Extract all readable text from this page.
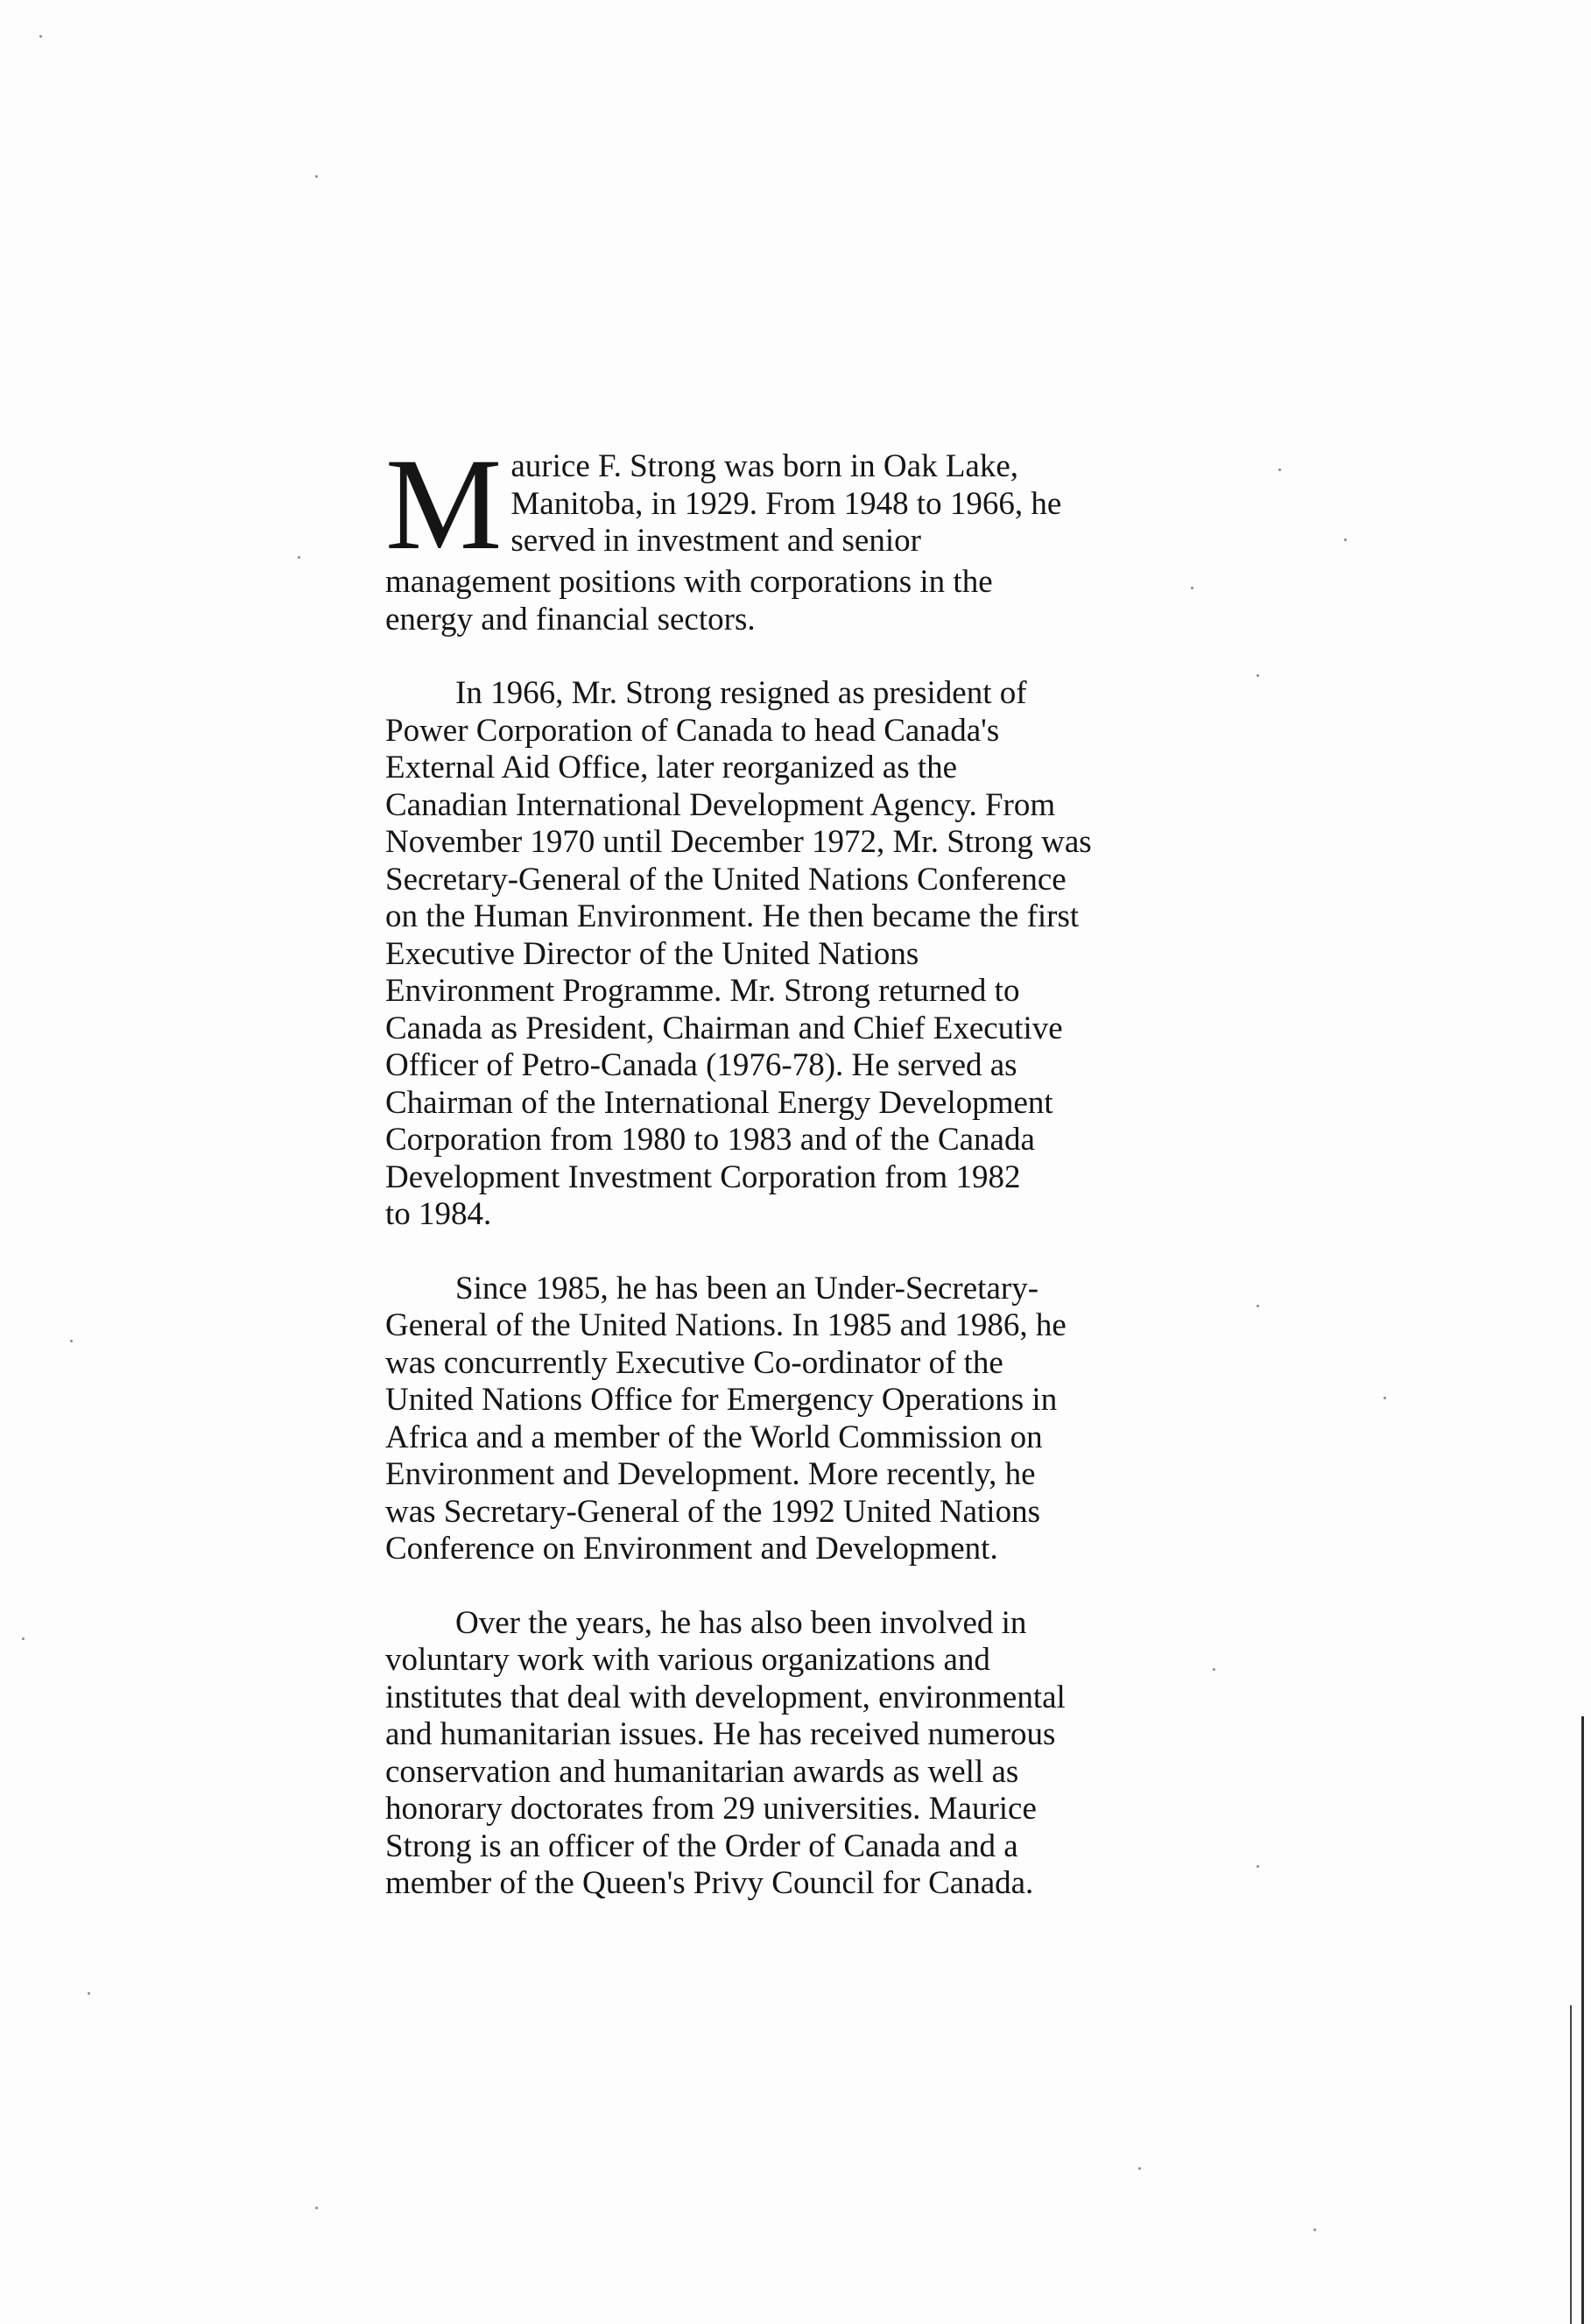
M aurice F. Strong was born in Oak Lake,
Manitoba, in 1929. From 1948 to 1966, he
served in investment and senior
management positions with corporations in the
energy and financial sectors.
In 1966, Mr. Strong resigned as president of
Power Corporation of Canada to head Canada's
External Aid Office, later reorganized as the
Canadian International Development Agency. From
November 1970 until December 1972, Mr. Strong was
Secretary-General of the United Nations Conference
on the Human Environment. He then became the first
Executive Director of the United Nations
Environment Programme. Mr. Strong returned to
Canada as President, Chairman and Chief Executive
Officer of Petro-Canada (1976-78). He served as
Chairman of the International Energy Development
Corporation from 1980 to 1983 and of the Canada
Development Investment Corporation from 1982
to 1984.
Since 1985, he has been an Under-Secretary-
General of the United Nations. In 1985 and 1986, he
was concurrently Executive Co-ordinator of the
United Nations Office for Emergency Operations in
Africa and a member of the World Commission on
Environment and Development. More recently, he
was Secretary-General of the 1992 United Nations
Conference on Environment and Development.
Over the years, he has also been involved in
voluntary work with various organizations and
institutes that deal with development, environmental
and humanitarian issues. He has received numerous
conservation and humanitarian awards as well as
honorary doctorates from 29 universities. Maurice
Strong is an officer of the Order of Canada and a
member of the Queen's Privy Council for Canada.
